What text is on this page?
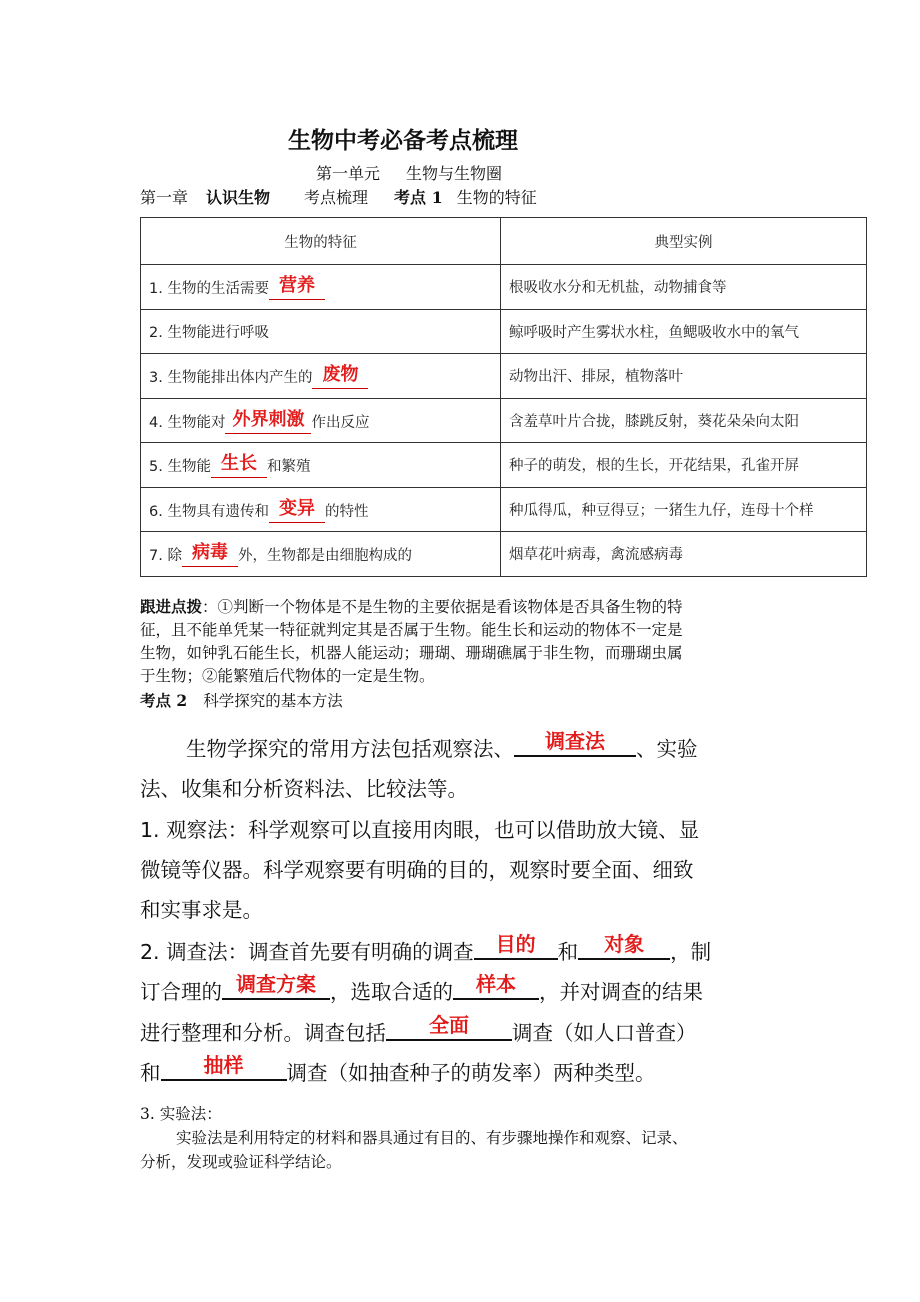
生物中考必备考点梳理
第一单元 生物与生物圈
第一章 认识生物 考点梳理 考点 1 生物的特征
生物的特征	典型实例
1. 生物的生活需要 营养	根吸收水分和无机盐，动物捕食等
2. 生物能进行呼吸	鲸呼吸时产生雾状水柱，鱼鳃吸收水中的氧气
3. 生物能排出体内产生的 废物	动物出汗、排尿，植物落叶
4. 生物能对 外界刺激 作出反应	含羞草叶片合拢，膝跳反射，葵花朵朵向太阳
5. 生物能 生长 和繁殖	种子的萌发，根的生长，开花结果，孔雀开屏
6. 生物具有遗传和 变异 的特性	种瓜得瓜，种豆得豆；一猪生九仔，连母十个样
7. 除 病毒 外，生物都是由细胞构成的	烟草花叶病毒，禽流感病毒
跟进点拨：①判断一个物体是不是生物的主要依据是看该物体是否具备生物的特
征，且不能单凭某一特征就判定其是否属于生物。能生长和运动的物体不一定是
生物，如钟乳石能生长，机器人能运动；珊瑚、珊瑚礁属于非生物，而珊瑚虫属
于生物；②能繁殖后代物体的一定是生物。
考点 2 科学探究的基本方法
生物学探究的常用方法包括观察法、 调查法 、实验
法、收集和分析资料法、比较法等。
1. 观察法：科学观察可以直接用肉眼，也可以借助放大镜、显
微镜等仪器。科学观察要有明确的目的，观察时要全面、细致
和实事求是。
2. 调查法：调查首先要有明确的调查 目的 和 对象 ，制
订合理的 调查方案 ，选取合适的 样本 ，并对调查的结果
进行整理和分析。调查包括 全面 调查（如人口普查）
和 抽样 调查（如抽查种子的萌发率）两种类型。
3. 实验法：
实验法是利用特定的材料和器具通过有目的、有步骤地操作和观察、记录、
分析，发现或验证科学结论。
